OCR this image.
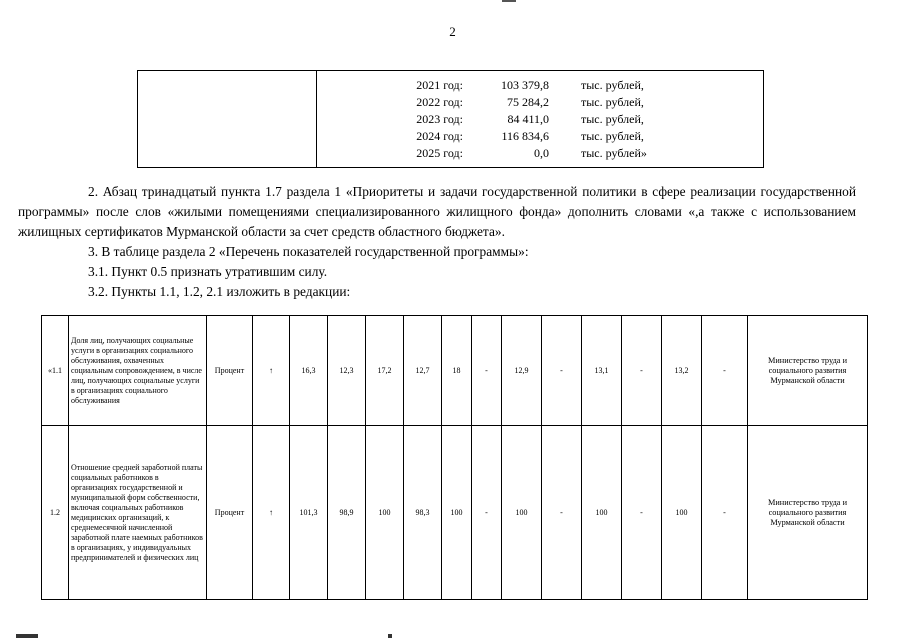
2
2021 год:	103 379,8	тыс. рублей,
2022 год:	75 284,2	тыс. рублей,
2023 год:	84 411,0	тыс. рублей,
2024 год:	116 834,6	тыс. рублей,
2025 год:	0,0	тыс. рублей»

2. Абзац тринадцатый пункта 1.7 раздела 1 «Приоритеты и задачи государственной политики в сфере реализации государственной программы» после слов «жилыми помещениями специализированного жилищного фонда» дополнить словами «,а также с использованием жилищных сертификатов Мурманской области за счет средств областного бюджета».

3. В таблице раздела 2 «Перечень показателей государственной программы»:

3.1. Пункт 0.5 признать утратившим силу.

3.2. Пункты 1.1, 1.2, 2.1 изложить в редакции:

«1.1	Доля лиц, получающих социальные услуги в организациях социального обслуживания, охваченных социальным сопровождением, в числе лиц, получающих социальные услуги в организациях социального обслуживания	Процент	↑	16,3	12,3	17,2	12,7	18	-	12,9	-	13,1	-	13,2	-	Министерство труда и социального развития Мурманской области
1.2	Отношение средней заработной платы социальных работников в организациях государственной и муниципальной форм собственности, включая социальных работников медицинских организаций, к среднемесячной начисленной заработной плате наемных работников в организациях, у индивидуальных предпринимателей и физических лиц	Процент	↑	101,3	98,9	100	98,3	100	-	100	-	100	-	100	-	Министерство труда и социального развития Мурманской области
